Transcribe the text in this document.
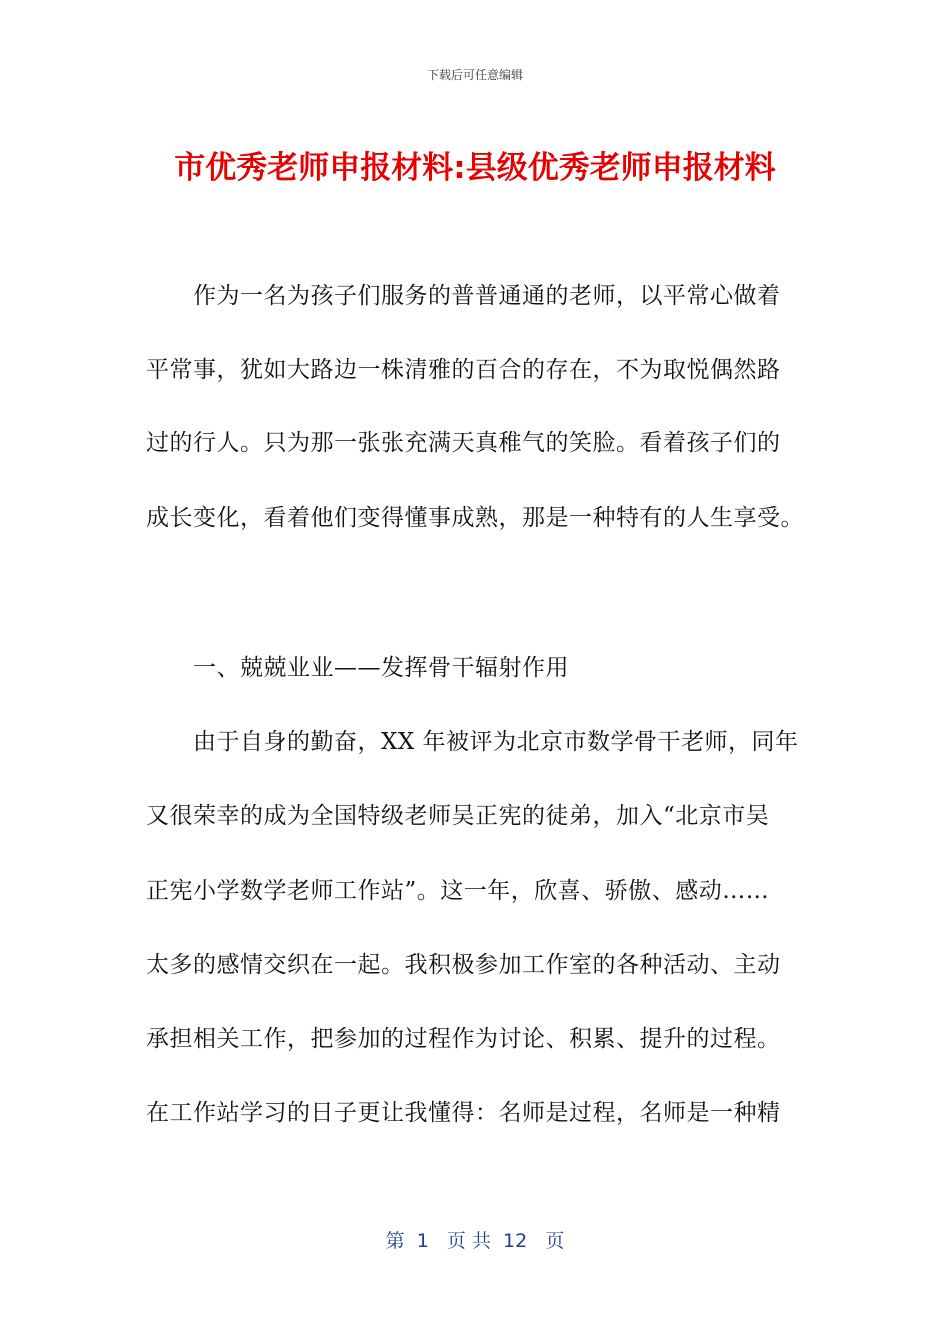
下载后可任意编辑
市优秀老师申报材料:县级优秀老师申报材料
作为一名为孩子们服务的普普通通的老师，以平常心做着
平常事，犹如大路边一株清雅的百合的存在，不为取悦偶然路
过的行人。只为那一张张充满天真稚气的笑脸。看着孩子们的
成长变化，看着他们变得懂事成熟，那是一种特有的人生享受。
一、兢兢业业——发挥骨干辐射作用
由于自身的勤奋，XX 年被评为北京市数学骨干老师，同年
又很荣幸的成为全国特级老师吴正宪的徒弟，加入“北京市吴
正宪小学数学老师工作站”。这一年，欣喜、骄傲、感动……
太多的感情交织在一起。我积极参加工作室的各种活动、主动
承担相关工作，把参加的过程作为讨论、积累、提升的过程。
在工作站学习的日子更让我懂得：名师是过程，名师是一种精
第  1   页 共  12   页
